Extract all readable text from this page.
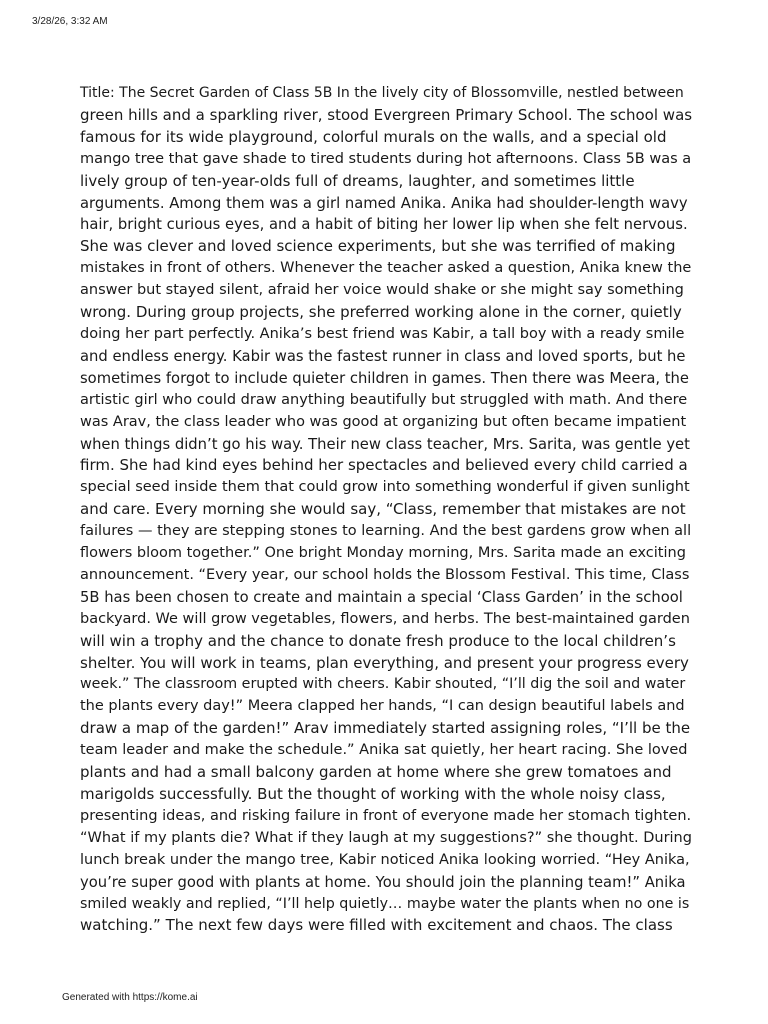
3/28/26, 3:32 AM
Title: The Secret Garden of Class 5B In the lively city of Blossomville, nestled between
green hills and a sparkling river, stood Evergreen Primary School. The school was
famous for its wide playground, colorful murals on the walls, and a special old
mango tree that gave shade to tired students during hot afternoons. Class 5B was a
lively group of ten-year-olds full of dreams, laughter, and sometimes little
arguments. Among them was a girl named Anika. Anika had shoulder-length wavy
hair, bright curious eyes, and a habit of biting her lower lip when she felt nervous.
She was clever and loved science experiments, but she was terrified of making
mistakes in front of others. Whenever the teacher asked a question, Anika knew the
answer but stayed silent, afraid her voice would shake or she might say something
wrong. During group projects, she preferred working alone in the corner, quietly
doing her part perfectly. Anika’s best friend was Kabir, a tall boy with a ready smile
and endless energy. Kabir was the fastest runner in class and loved sports, but he
sometimes forgot to include quieter children in games. Then there was Meera, the
artistic girl who could draw anything beautifully but struggled with math. And there
was Arav, the class leader who was good at organizing but often became impatient
when things didn’t go his way. Their new class teacher, Mrs. Sarita, was gentle yet
firm. She had kind eyes behind her spectacles and believed every child carried a
special seed inside them that could grow into something wonderful if given sunlight
and care. Every morning she would say, “Class, remember that mistakes are not
failures — they are stepping stones to learning. And the best gardens grow when all
flowers bloom together.” One bright Monday morning, Mrs. Sarita made an exciting
announcement. “Every year, our school holds the Blossom Festival. This time, Class
5B has been chosen to create and maintain a special ‘Class Garden’ in the school
backyard. We will grow vegetables, flowers, and herbs. The best-maintained garden
will win a trophy and the chance to donate fresh produce to the local children’s
shelter. You will work in teams, plan everything, and present your progress every
week.” The classroom erupted with cheers. Kabir shouted, “I’ll dig the soil and water
the plants every day!” Meera clapped her hands, “I can design beautiful labels and
draw a map of the garden!” Arav immediately started assigning roles, “I’ll be the
team leader and make the schedule.” Anika sat quietly, her heart racing. She loved
plants and had a small balcony garden at home where she grew tomatoes and
marigolds successfully. But the thought of working with the whole noisy class,
presenting ideas, and risking failure in front of everyone made her stomach tighten.
“What if my plants die? What if they laugh at my suggestions?” she thought. During
lunch break under the mango tree, Kabir noticed Anika looking worried. “Hey Anika,
you’re super good with plants at home. You should join the planning team!” Anika
smiled weakly and replied, “I’ll help quietly… maybe water the plants when no one is
watching.” The next few days were filled with excitement and chaos. The class
Generated with https://kome.ai
